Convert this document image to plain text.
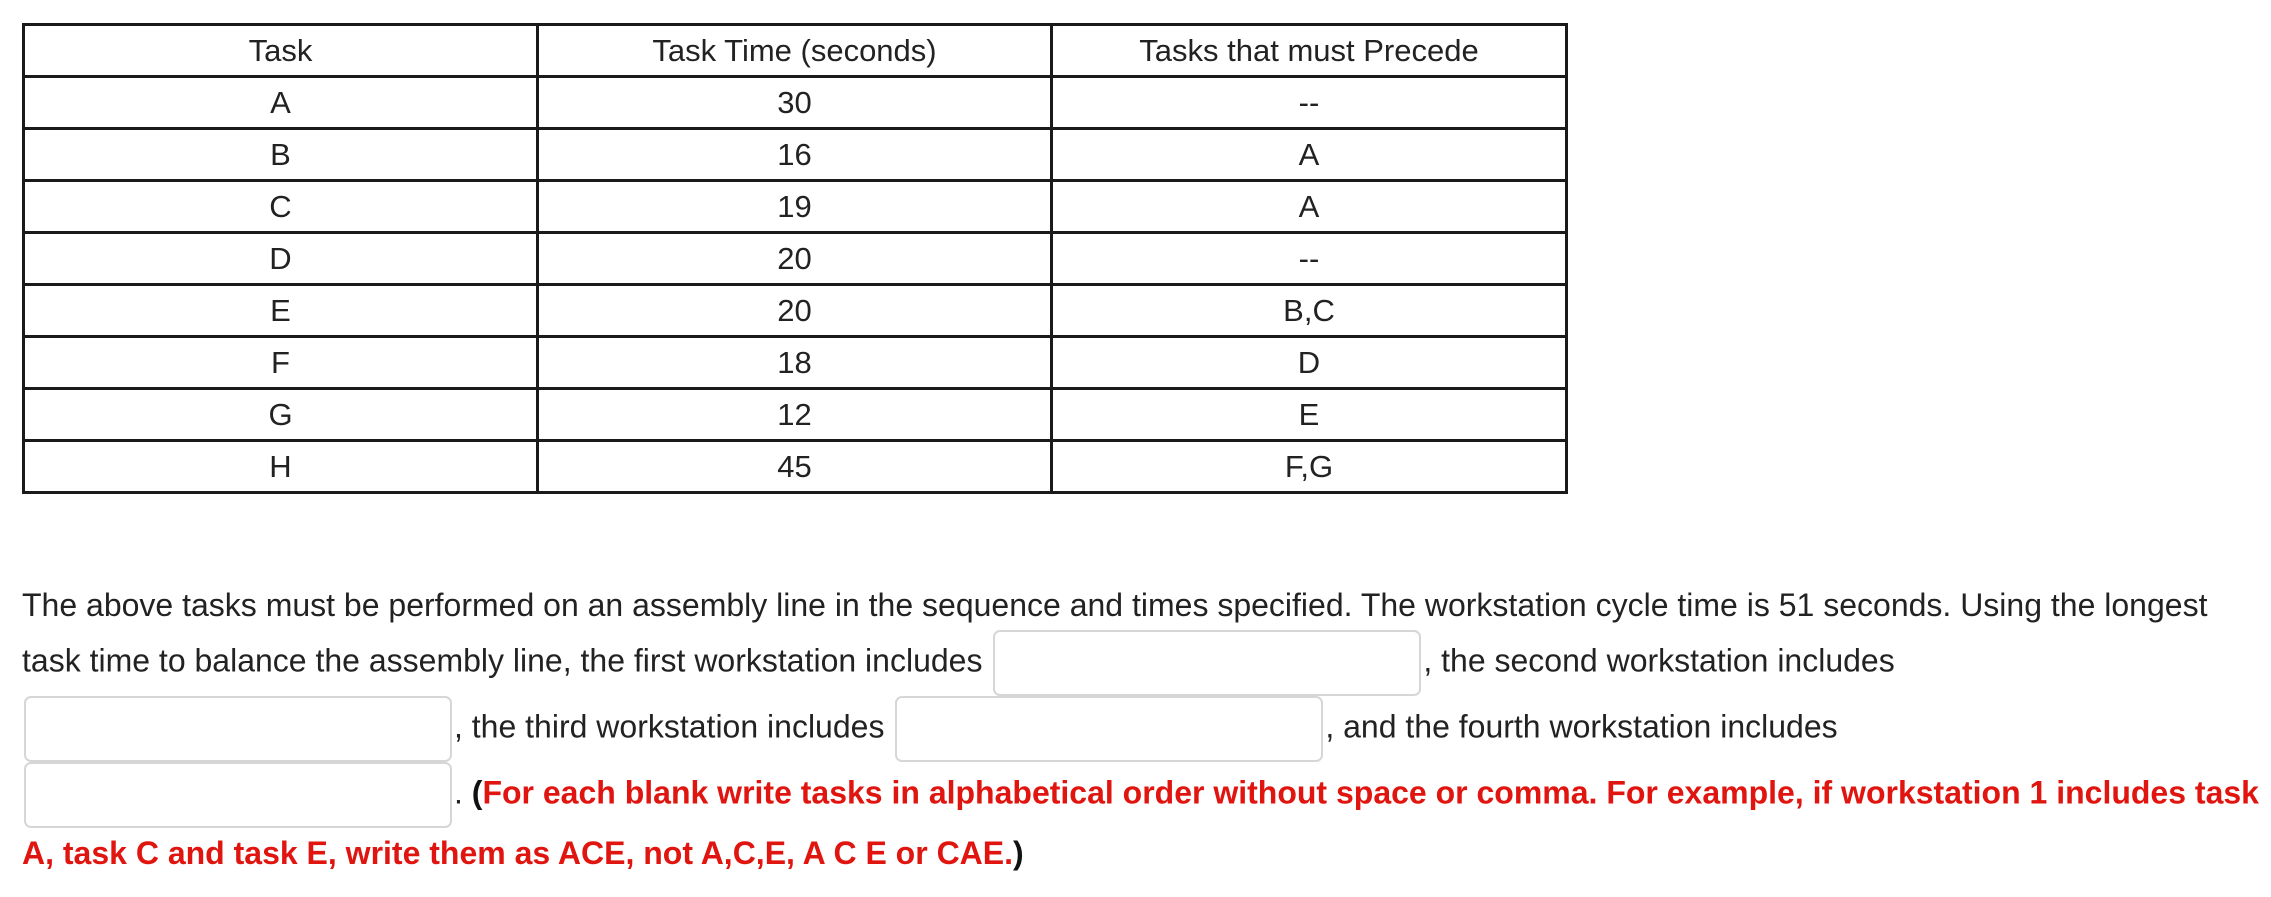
Task	Task Time (seconds)	Tasks that must Precede
A	30	--
B	16	A
C	19	A
D	20	--
E	20	B,C
F	18	D
G	12	E
H	45	F,G
The above tasks must be performed on an assembly line in the sequence and times specified. The workstation cycle time is 51 seconds. Using the longest task time to balance the assembly line, the first workstation includes	, the second workstation includes , the third workstation includes	, and the fourth workstation includes . (For each blank write tasks in alphabetical order without space or comma. For example, if workstation 1 includes task A, task C and task E, write them as ACE, not A,C,E, A C E or CAE.)
